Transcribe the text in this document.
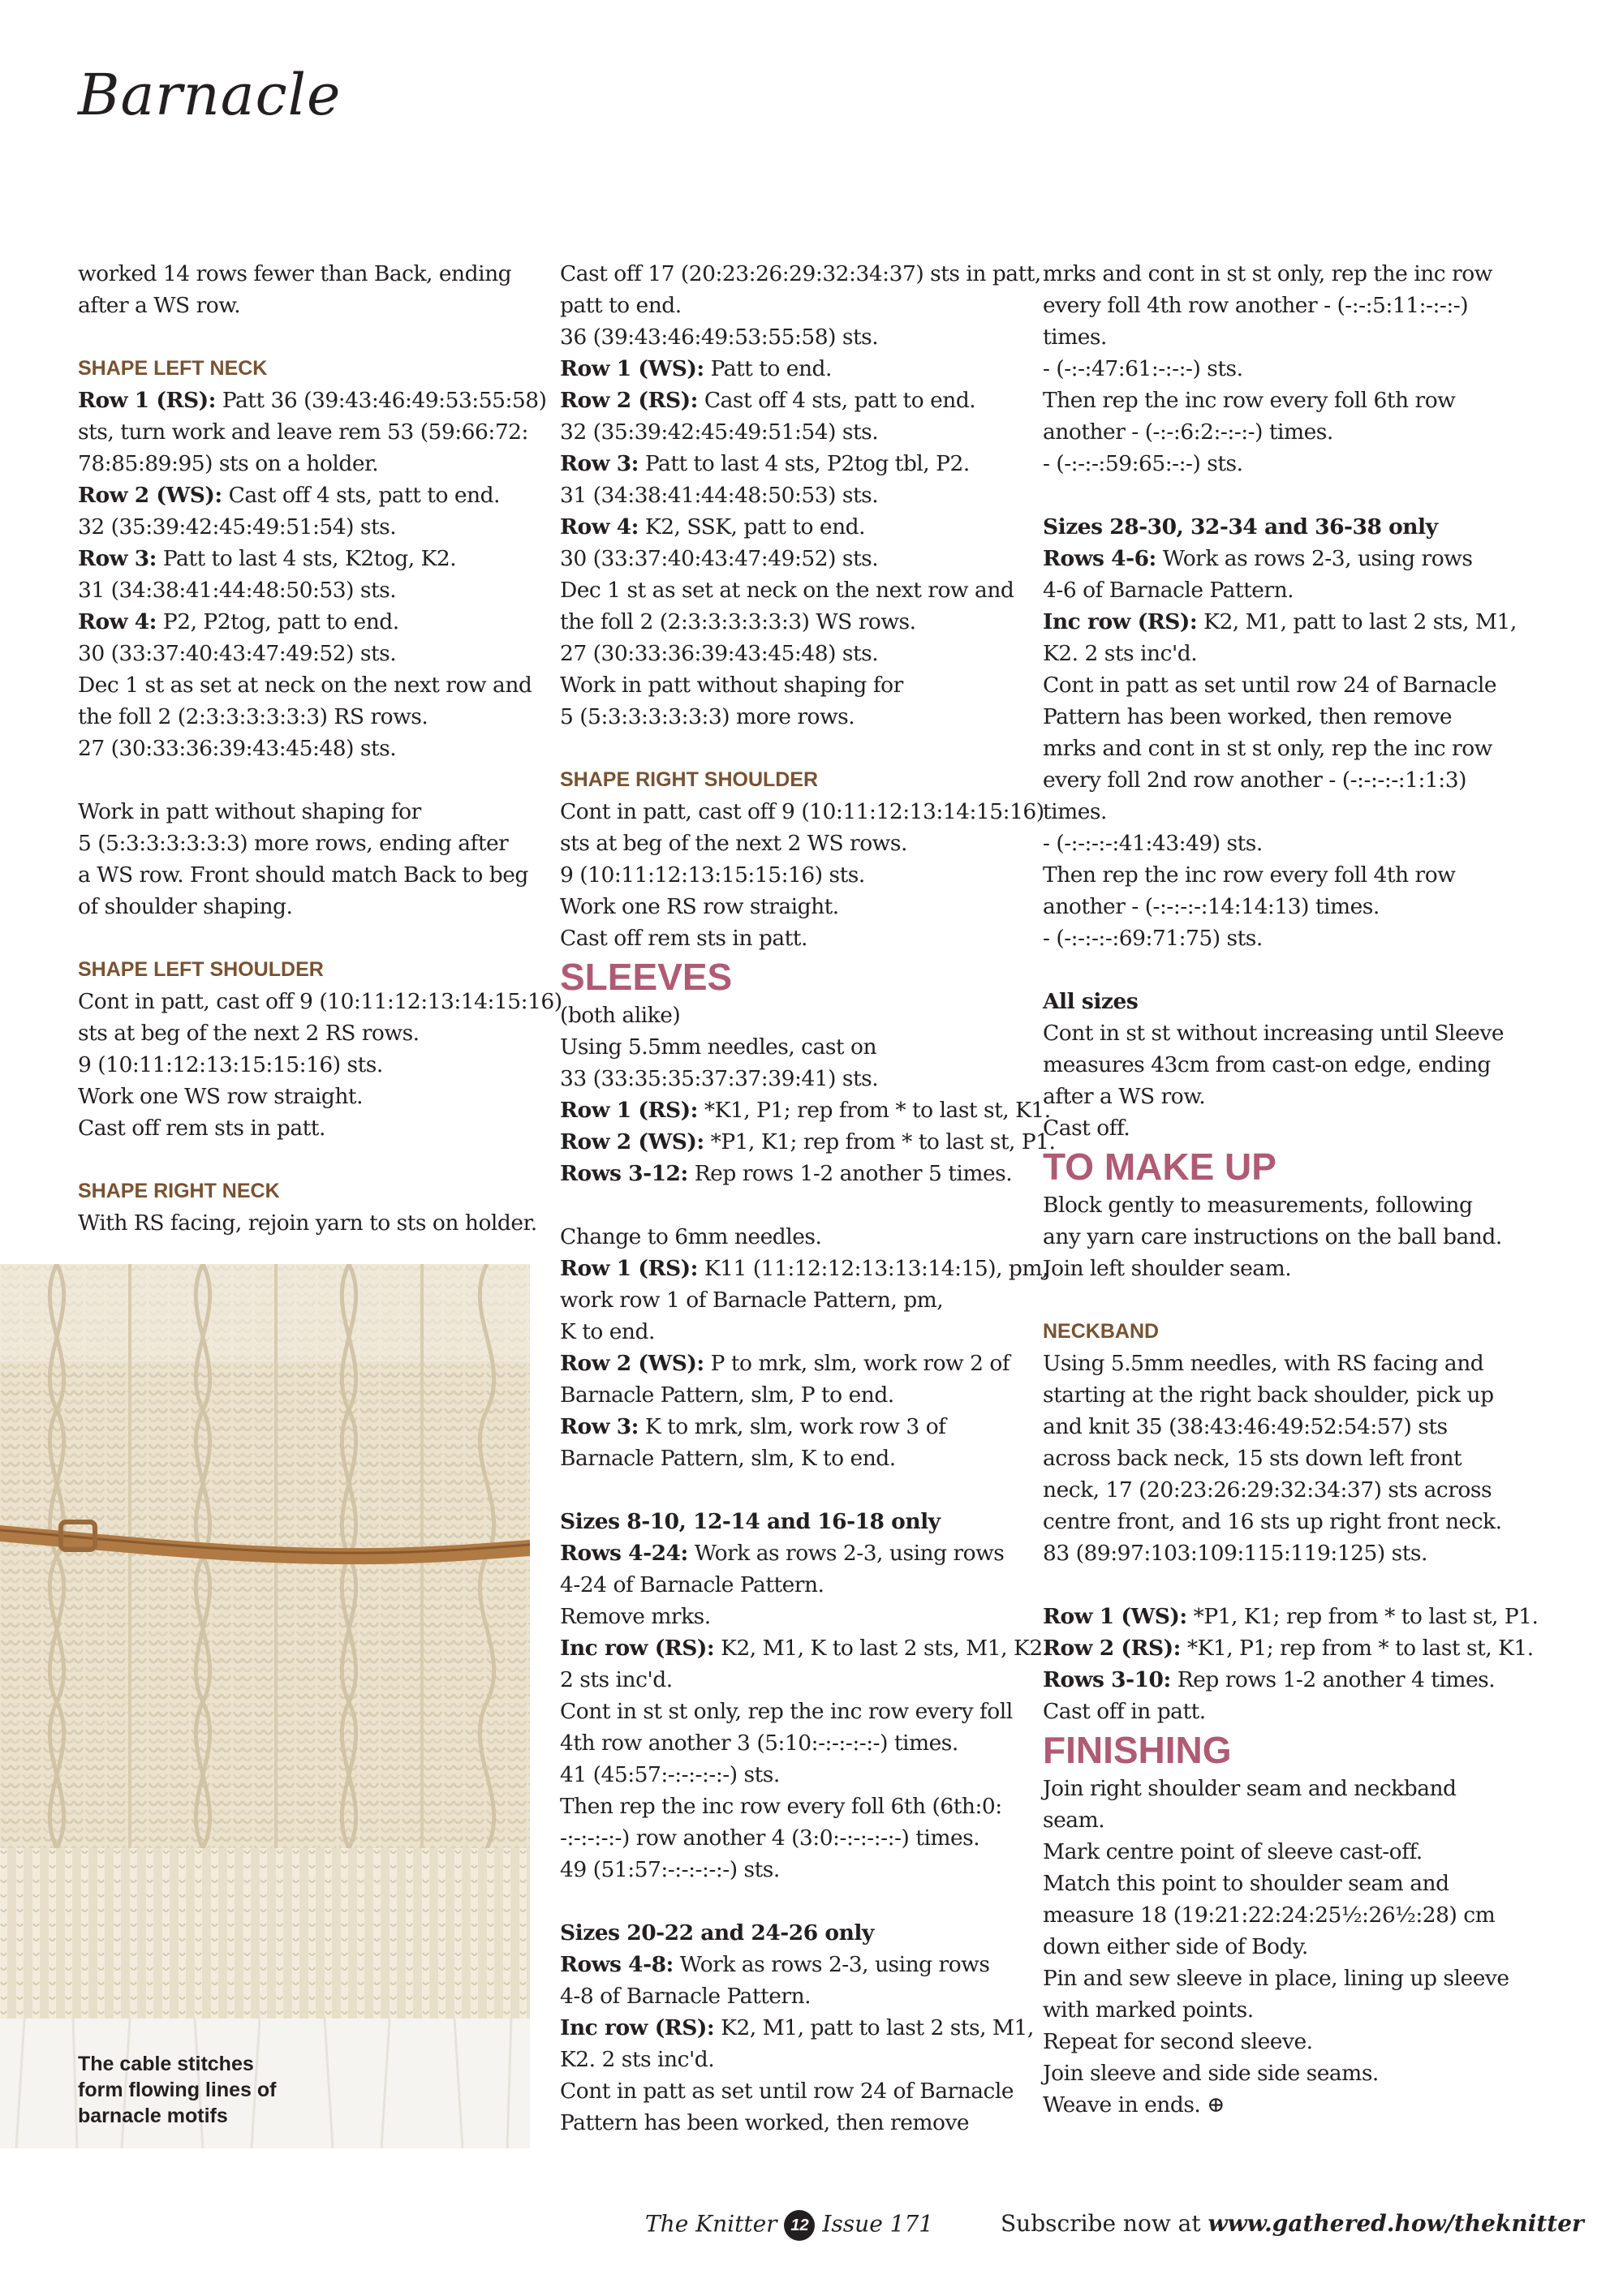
Barnacle
worked 14 rows fewer than Back, ending
after a WS row.
SHAPE LEFT NECK
Row 1 (RS): Patt 36 (39:43:46:49:53:55:58)
sts, turn work and leave rem 53 (59:66:72:
78:85:89:95) sts on a holder.
Row 2 (WS): Cast off 4 sts, patt to end.
32 (35:39:42:45:49:51:54) sts.
Row 3: Patt to last 4 sts, K2tog, K2.
31 (34:38:41:44:48:50:53) sts.
Row 4: P2, P2tog, patt to end.
30 (33:37:40:43:47:49:52) sts.
Dec 1 st as set at neck on the next row and
the foll 2 (2:3:3:3:3:3:3) RS rows.
27 (30:33:36:39:43:45:48) sts.
Work in patt without shaping for
5 (5:3:3:3:3:3:3) more rows, ending after
a WS row. Front should match Back to beg
of shoulder shaping.
SHAPE LEFT SHOULDER
Cont in patt, cast off 9 (10:11:12:13:14:15:16)
sts at beg of the next 2 RS rows.
9 (10:11:12:13:15:15:16) sts.
Work one WS row straight.
Cast off rem sts in patt.
SHAPE RIGHT NECK
With RS facing, rejoin yarn to sts on holder.
Cast off 17 (20:23:26:29:32:34:37) sts in patt,
patt to end.
36 (39:43:46:49:53:55:58) sts.
Row 1 (WS): Patt to end.
Row 2 (RS): Cast off 4 sts, patt to end.
32 (35:39:42:45:49:51:54) sts.
Row 3: Patt to last 4 sts, P2tog tbl, P2.
31 (34:38:41:44:48:50:53) sts.
Row 4: K2, SSK, patt to end.
30 (33:37:40:43:47:49:52) sts.
Dec 1 st as set at neck on the next row and
the foll 2 (2:3:3:3:3:3:3) WS rows.
27 (30:33:36:39:43:45:48) sts.
Work in patt without shaping for
5 (5:3:3:3:3:3:3) more rows.
SHAPE RIGHT SHOULDER
Cont in patt, cast off 9 (10:11:12:13:14:15:16)
sts at beg of the next 2 WS rows.
9 (10:11:12:13:15:15:16) sts.
Work one RS row straight.
Cast off rem sts in patt.
SLEEVES
(both alike)
Using 5.5mm needles, cast on
33 (33:35:35:37:37:39:41) sts.
Row 1 (RS): *K1, P1; rep from * to last st, K1.
Row 2 (WS): *P1, K1; rep from * to last st, P1.
Rows 3-12: Rep rows 1-2 another 5 times.
Change to 6mm needles.
Row 1 (RS): K11 (11:12:12:13:13:14:15), pm,
work row 1 of Barnacle Pattern, pm,
K to end.
Row 2 (WS): P to mrk, slm, work row 2 of
Barnacle Pattern, slm, P to end.
Row 3: K to mrk, slm, work row 3 of
Barnacle Pattern, slm, K to end.
Sizes 8-10, 12-14 and 16-18 only
Rows 4-24: Work as rows 2-3, using rows
4-24 of Barnacle Pattern.
Remove mrks.
Inc row (RS): K2, M1, K to last 2 sts, M1, K2.
2 sts inc'd.
Cont in st st only, rep the inc row every foll
4th row another 3 (5:10:-:-:-:-:-) times.
41 (45:57:-:-:-:-:-) sts.
Then rep the inc row every foll 6th (6th:0:
-:-:-:-:-) row another 4 (3:0:-:-:-:-:-) times.
49 (51:57:-:-:-:-:-) sts.
Sizes 20-22 and 24-26 only
Rows 4-8: Work as rows 2-3, using rows
4-8 of Barnacle Pattern.
Inc row (RS): K2, M1, patt to last 2 sts, M1,
K2. 2 sts inc'd.
Cont in patt as set until row 24 of Barnacle
Pattern has been worked, then remove
mrks and cont in st st only, rep the inc row
every foll 4th row another - (-:-:5:11:-:-:-)
times.
- (-:-:47:61:-:-:-) sts.
Then rep the inc row every foll 6th row
another - (-:-:6:2:-:-:-) times.
- (-:-:-:59:65:-:-) sts.
Sizes 28-30, 32-34 and 36-38 only
Rows 4-6: Work as rows 2-3, using rows
4-6 of Barnacle Pattern.
Inc row (RS): K2, M1, patt to last 2 sts, M1,
K2. 2 sts inc'd.
Cont in patt as set until row 24 of Barnacle
Pattern has been worked, then remove
mrks and cont in st st only, rep the inc row
every foll 2nd row another - (-:-:-:-:1:1:3)
times.
- (-:-:-:-:41:43:49) sts.
Then rep the inc row every foll 4th row
another - (-:-:-:-:14:14:13) times.
- (-:-:-:-:69:71:75) sts.
All sizes
Cont in st st without increasing until Sleeve
measures 43cm from cast-on edge, ending
after a WS row.
Cast off.
TO MAKE UP
Block gently to measurements, following
any yarn care instructions on the ball band.
Join left shoulder seam.
NECKBAND
Using 5.5mm needles, with RS facing and
starting at the right back shoulder, pick up
and knit 35 (38:43:46:49:52:54:57) sts
across back neck, 15 sts down left front
neck, 17 (20:23:26:29:32:34:37) sts across
centre front, and 16 sts up right front neck.
83 (89:97:103:109:115:119:125) sts.
Row 1 (WS): *P1, K1; rep from * to last st, P1.
Row 2 (RS): *K1, P1; rep from * to last st, K1.
Rows 3-10: Rep rows 1-2 another 4 times.
Cast off in patt.
FINISHING
Join right shoulder seam and neckband
seam.
Mark centre point of sleeve cast-off.
Match this point to shoulder seam and
measure 18 (19:21:22:24:25½:26½:28) cm
down either side of Body.
Pin and sew sleeve in place, lining up sleeve
with marked points.
Repeat for second sleeve.
Join sleeve and side side seams.
Weave in ends. ⊕
The cable stitches
form flowing lines of
barnacle motifs
The Knitter 12 Issue 171	Subscribe now at www.gathered.how/theknitter
